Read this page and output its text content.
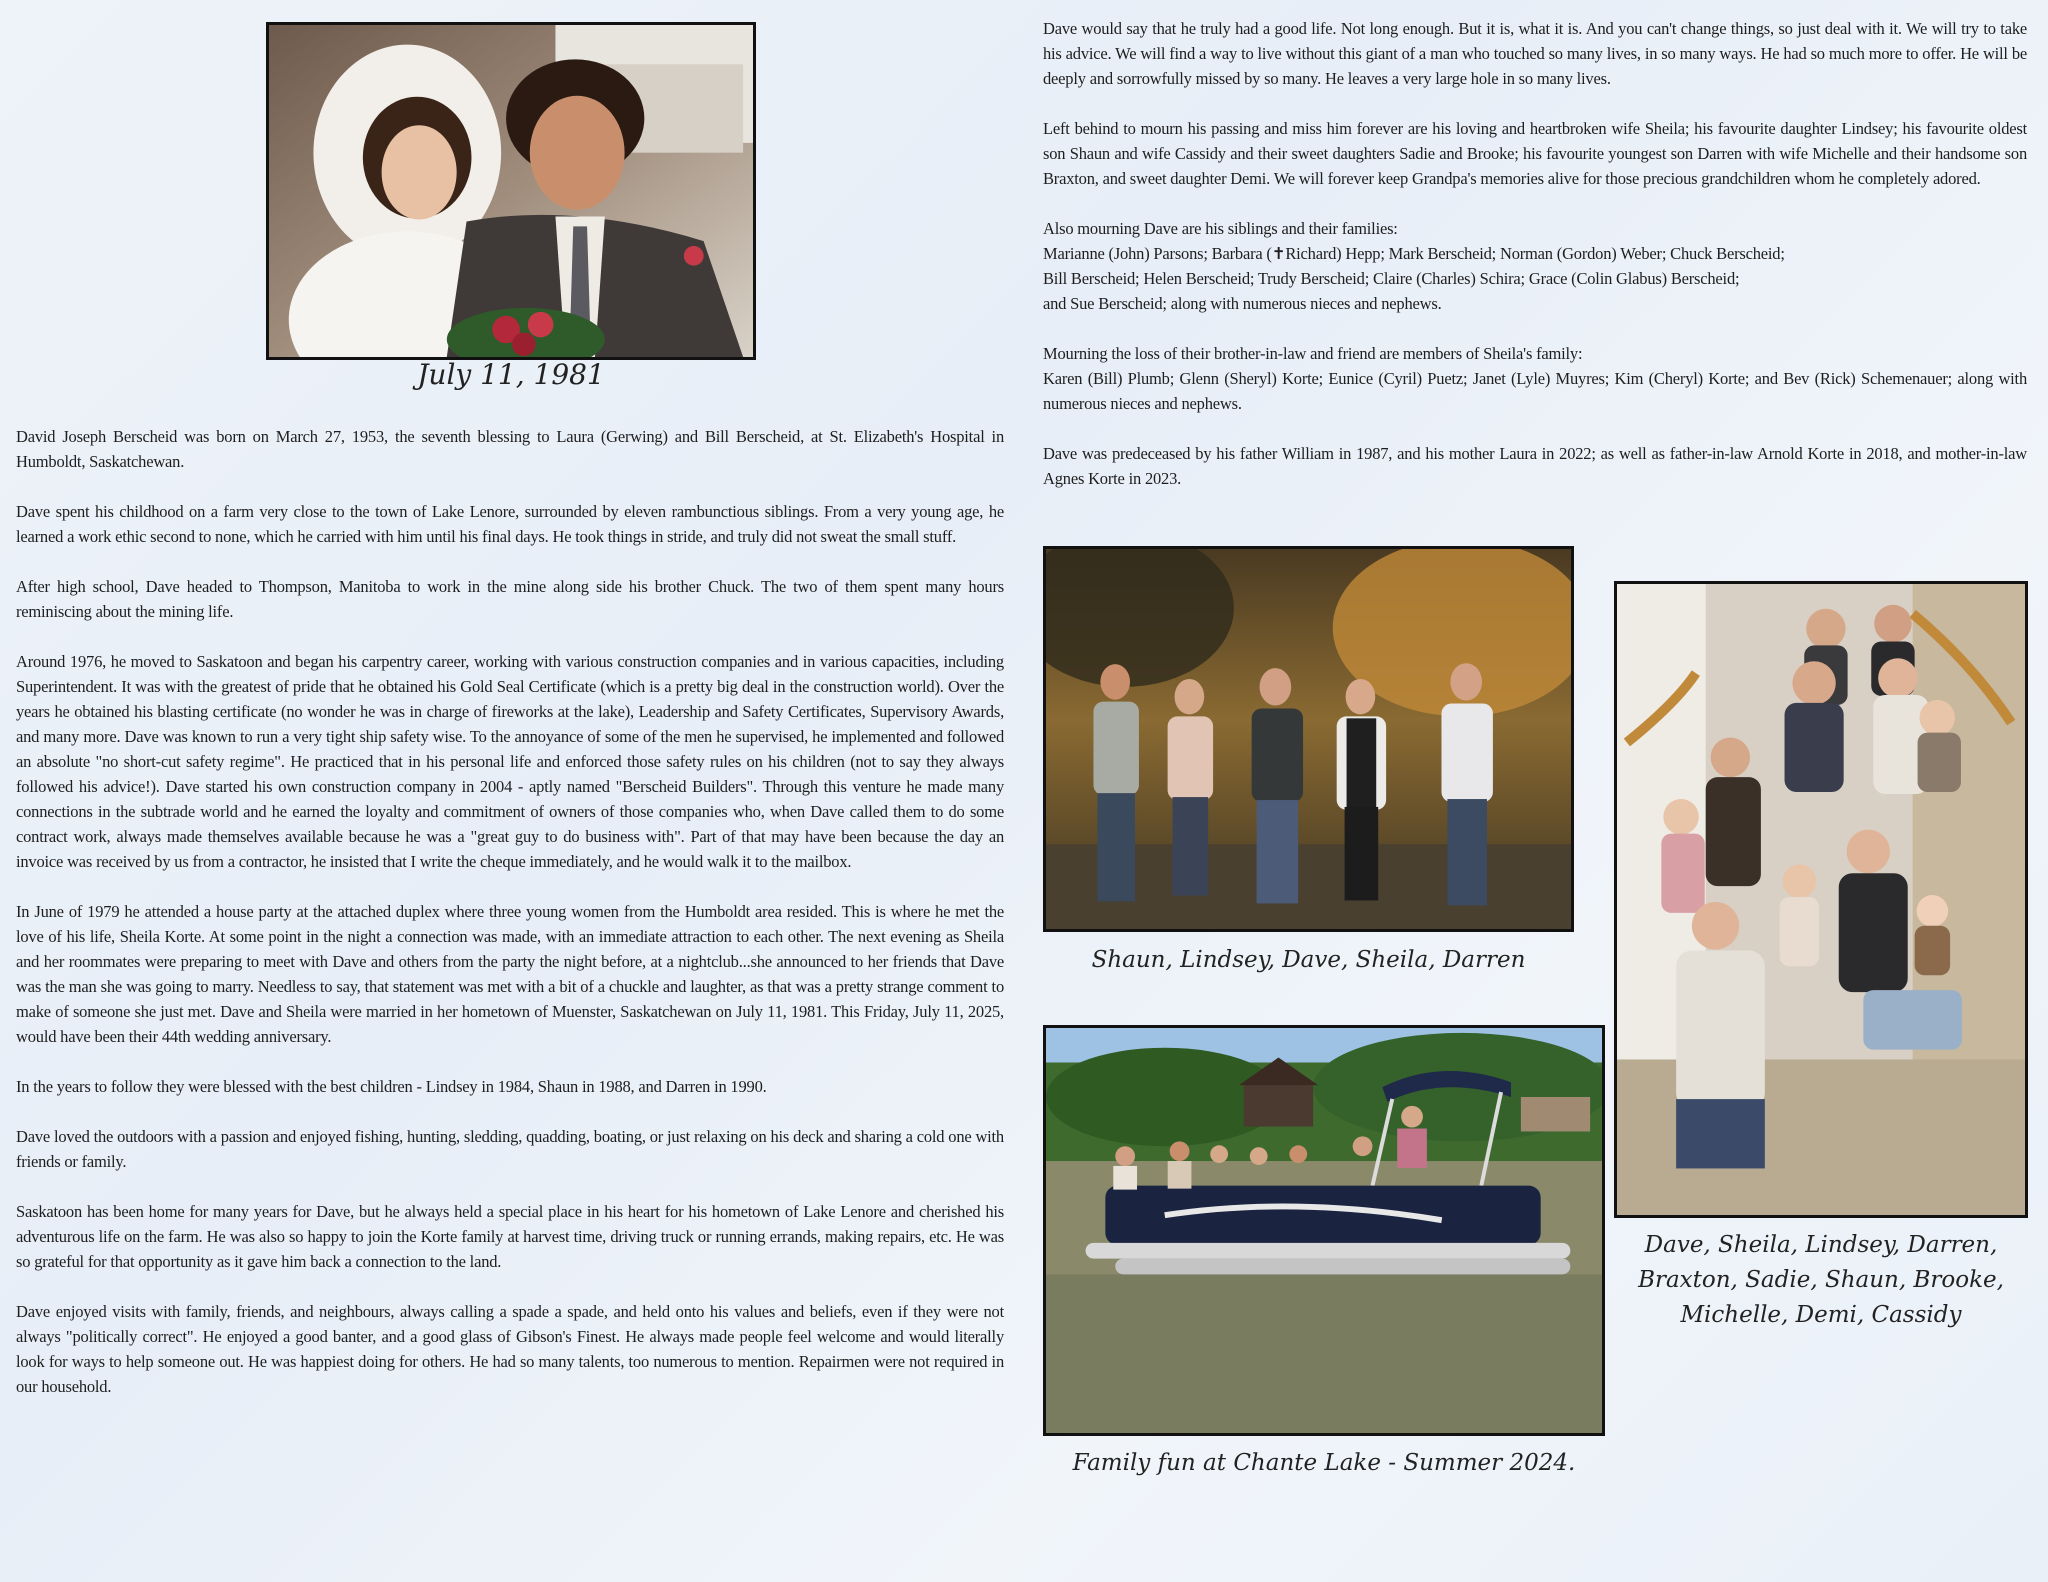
July 11, 1981

David Joseph Berscheid was born on March 27, 1953, the seventh blessing to Laura (Gerwing) and Bill Berscheid, at St. Elizabeth's Hospital in Humboldt, Saskatchewan.

Dave spent his childhood on a farm very close to the town of Lake Lenore, surrounded by eleven rambunctious siblings. From a very young age, he learned a work ethic second to none, which he carried with him until his final days. He took things in stride, and truly did not sweat the small stuff.

After high school, Dave headed to Thompson, Manitoba to work in the mine along side his brother Chuck. The two of them spent many hours reminiscing about the mining life.

Around 1976, he moved to Saskatoon and began his carpentry career, working with various construction companies and in various capacities, including Superintendent. It was with the greatest of pride that he obtained his Gold Seal Certificate (which is a pretty big deal in the construction world). Over the years he obtained his blasting certificate (no wonder he was in charge of fireworks at the lake), Leadership and Safety Certificates, Supervisory Awards, and many more. Dave was known to run a very tight ship safety wise. To the annoyance of some of the men he supervised, he implemented and followed an absolute "no short-cut safety regime". He practiced that in his personal life and enforced those safety rules on his children (not to say they always followed his advice!). Dave started his own construction company in 2004 - aptly named "Berscheid Builders". Through this venture he made many connections in the subtrade world and he earned the loyalty and commitment of owners of those companies who, when Dave called them to do some contract work, always made themselves available because he was a "great guy to do business with". Part of that may have been because the day an invoice was received by us from a contractor, he insisted that I write the cheque immediately, and he would walk it to the mailbox.

In June of 1979 he attended a house party at the attached duplex where three young women from the Humboldt area resided. This is where he met the love of his life, Sheila Korte. At some point in the night a connection was made, with an immediate attraction to each other. The next evening as Sheila and her roommates were preparing to meet with Dave and others from the party the night before, at a nightclub...she announced to her friends that Dave was the man she was going to marry. Needless to say, that statement was met with a bit of a chuckle and laughter, as that was a pretty strange comment to make of someone she just met. Dave and Sheila were married in her hometown of Muenster, Saskatchewan on July 11, 1981. This Friday, July 11, 2025, would have been their 44th wedding anniversary.

In the years to follow they were blessed with the best children - Lindsey in 1984, Shaun in 1988, and Darren in 1990.

Dave loved the outdoors with a passion and enjoyed fishing, hunting, sledding, quadding, boating, or just relaxing on his deck and sharing a cold one with friends or family.

Saskatoon has been home for many years for Dave, but he always held a special place in his heart for his hometown of Lake Lenore and cherished his adventurous life on the farm. He was also so happy to join the Korte family at harvest time, driving truck or running errands, making repairs, etc. He was so grateful for that opportunity as it gave him back a connection to the land.

Dave enjoyed visits with family, friends, and neighbours, always calling a spade a spade, and held onto his values and beliefs, even if they were not always "politically correct". He enjoyed a good banter, and a good glass of Gibson's Finest. He always made people feel welcome and would literally look for ways to help someone out. He was happiest doing for others. He had so many talents, too numerous to mention. Repairmen were not required in our household.

Dave would say that he truly had a good life. Not long enough. But it is, what it is. And you can't change things, so just deal with it. We will try to take his advice. We will find a way to live without this giant of a man who touched so many lives, in so many ways. He had so much more to offer. He will be deeply and sorrowfully missed by so many. He leaves a very large hole in so many lives.

Left behind to mourn his passing and miss him forever are his loving and heartbroken wife Sheila; his favourite daughter Lindsey; his favourite oldest son Shaun and wife Cassidy and their sweet daughters Sadie and Brooke; his favourite youngest son Darren with wife Michelle and their handsome son Braxton, and sweet daughter Demi. We will forever keep Grandpa's memories alive for those precious grandchildren whom he completely adored.

Also mourning Dave are his siblings and their families:
Marianne (John) Parsons; Barbara (✝Richard) Hepp; Mark Berscheid; Norman (Gordon) Weber; Chuck Berscheid;
Bill Berscheid; Helen Berscheid; Trudy Berscheid; Claire (Charles) Schira; Grace (Colin Glabus) Berscheid;
and Sue Berscheid; along with numerous nieces and nephews.

Mourning the loss of their brother-in-law and friend are members of Sheila's family:
Karen (Bill) Plumb; Glenn (Sheryl) Korte; Eunice (Cyril) Puetz; Janet (Lyle) Muyres; Kim (Cheryl) Korte; and Bev (Rick) Schemenauer; along with numerous nieces and nephews.

Dave was predeceased by his father William in 1987, and his mother Laura in 2022; as well as father-in-law Arnold Korte in 2018, and mother-in-law Agnes Korte in 2023.

Shaun, Lindsey, Dave, Sheila, Darren
Family fun at Chante Lake - Summer 2024.
Dave, Sheila, Lindsey, Darren,
Braxton, Sadie, Shaun, Brooke,
Michelle, Demi, Cassidy
